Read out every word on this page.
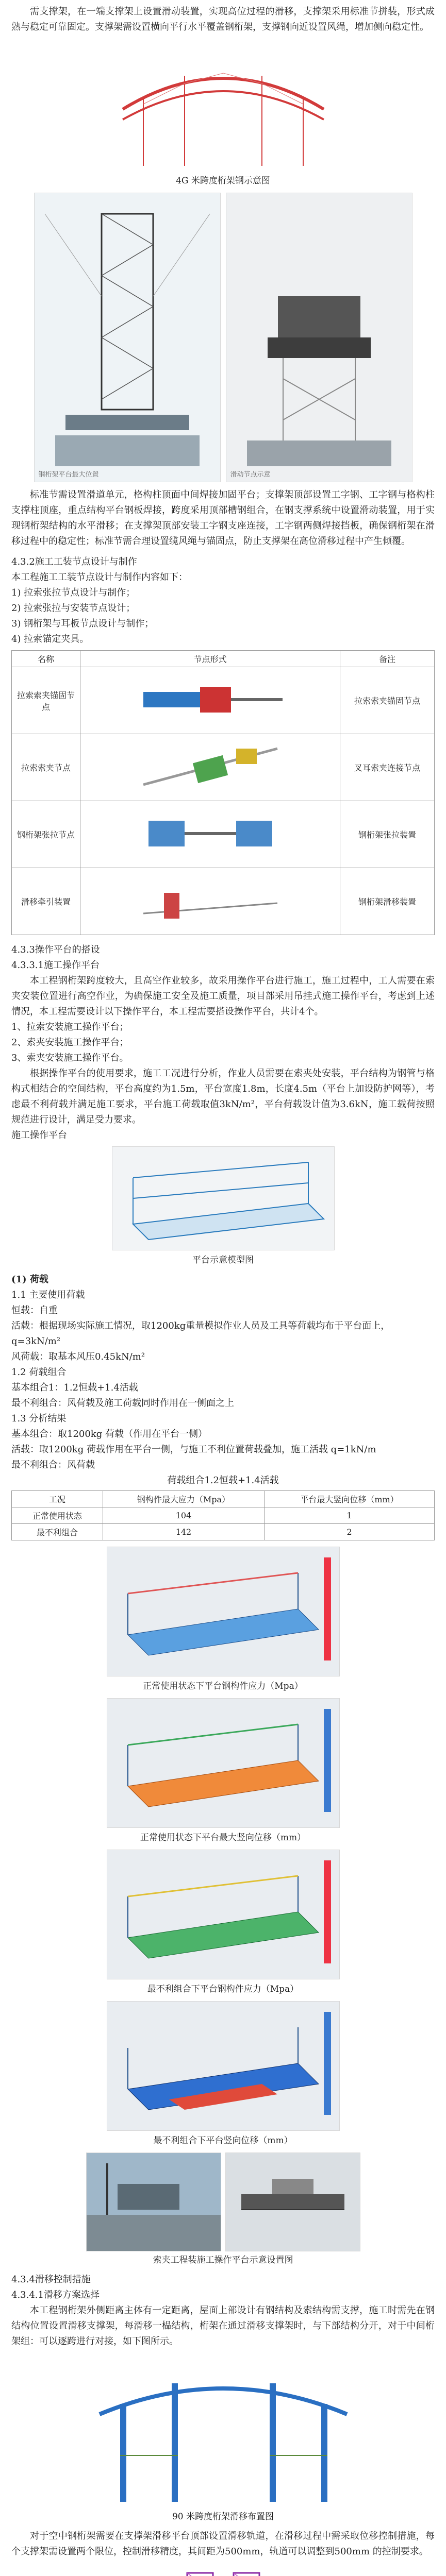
需支撑架，在一端支撑架上设置滑动装置，实现高位过程的滑移，支撑架采用标准节拼装，形式成熟与稳定可靠固定。支撑架需设置横向平行水平覆盖钢桁架，支撑钢向近设置风绳，增加侧向稳定性。

4G 米跨度桁架钢示意图
钢桁架平台最大位置	滑动节点示意

标准节需设置滑道单元，格构柱顶面中间焊接加固平台；支撑架顶部设置工字钢、工字钢与格构柱支撑柱顶座，重点结构平台钢板焊接，跨度采用顶部槽钢组合，在钢支撑系统中设置滑动装置，用于实现钢桁架结构的水平滑移；在支撑架顶部安装工字钢支座连接，工字钢两侧焊接挡板，确保钢桁架在滑移过程中的稳定性；标准节需合理设置缆风绳与锚固点，防止支撑架在高位滑移过程中产生倾覆。

4.3.2施工工装节点设计与制作

本工程施工工装节点设计与制作内容如下：

1) 拉索张拉节点设计与制作；

2) 拉索张拉与安装节点设计；

3) 钢桁架与耳板节点设计与制作；

4) 拉索锚定夹具。

名称	节点形式	备注
拉索索夹锚固节点		拉索索夹锚固节点
拉索索夹节点		叉耳索夹连接节点
钢桁架张拉节点		钢桁架张拉装置
滑移牵引装置		钢桁架滑移装置

4.3.3操作平台的搭设

4.3.3.1施工操作平台

本工程钢桁架跨度较大，且高空作业较多，故采用操作平台进行施工，施工过程中，工人需要在索夹安装位置进行高空作业，为确保施工安全及施工质量，项目部采用吊挂式施工操作平台，考虑到上述情况，本工程需要设计以下操作平台，本工程需要搭设操作平台，共计4个。

1、拉索安装施工操作平台；

2、索夹安装施工操作平台；

3、索夹安装施工操作平台。

根据操作平台的使用要求，施工工况进行分析，作业人员需要在索夹处安装，平台结构为钢管与格构式相结合的空间结构，平台高度约为1.5m，平台宽度1.8m，长度4.5m（平台上加设防护网等），考虑最不利荷载并满足施工要求，平台施工荷载取值3kN/m²，平台荷载设计值为3.6kN，施工载荷按照规范进行设计，满足受力要求。

施工操作平台

平台示意模型图

(1) 荷载

1.1 主要使用荷载

恒载：自重

活载：根据现场实际施工情况，取1200kg重量模拟作业人员及工具等荷载均布于平台面上，q=3kN/m²

风荷载：取基本风压0.45kN/m²

1.2 荷载组合

基本组合1：1.2恒载+1.4活载

最不利组合：风荷载及施工荷载同时作用在一侧面之上

1.3 分析结果

基本组合：取1200kg 荷载（作用在平台一侧）

活载：取1200kg 荷载作用在平台一侧，与施工不利位置荷载叠加，施工活载 q=1kN/m

最不利组合：风荷载

荷载组合1.2恒载+1.4活载

工况	钢构件最大应力（Mpa）	平台最大竖向位移（mm）
正常使用状态	104	1
最不利组合	142	2
正常使用状态下平台钢构件应力（Mpa）
正常使用状态下平台最大竖向位移（mm）
最不利组合下平台钢构件应力（Mpa）
最不利组合下平台竖向位移（mm）
索夹工程装施工操作平台示意设置图

4.3.4滑移控制措施

4.3.4.1滑移方案选择

本工程钢桁架外侧距离主体有一定距离，屋面上部设计有钢结构及索结构需支撑，施工时需先在钢结构位置设置滑移支撑架，每滑移一榀结构，桁架在通过滑移支撑架时，与下部结构分开，对于中间桁架组：可以逐跨进行对接，如下图所示。

90 米跨度桁架滑移布置图

对于空中钢桁架需要在支撑架滑移平台顶部设置滑移轨道，在滑移过程中需采取位移控制措施，每个支撑架需设置两个限位，控制滑移精度，其间距为500mm，轨道可以调整到500mm 的控制要求。
